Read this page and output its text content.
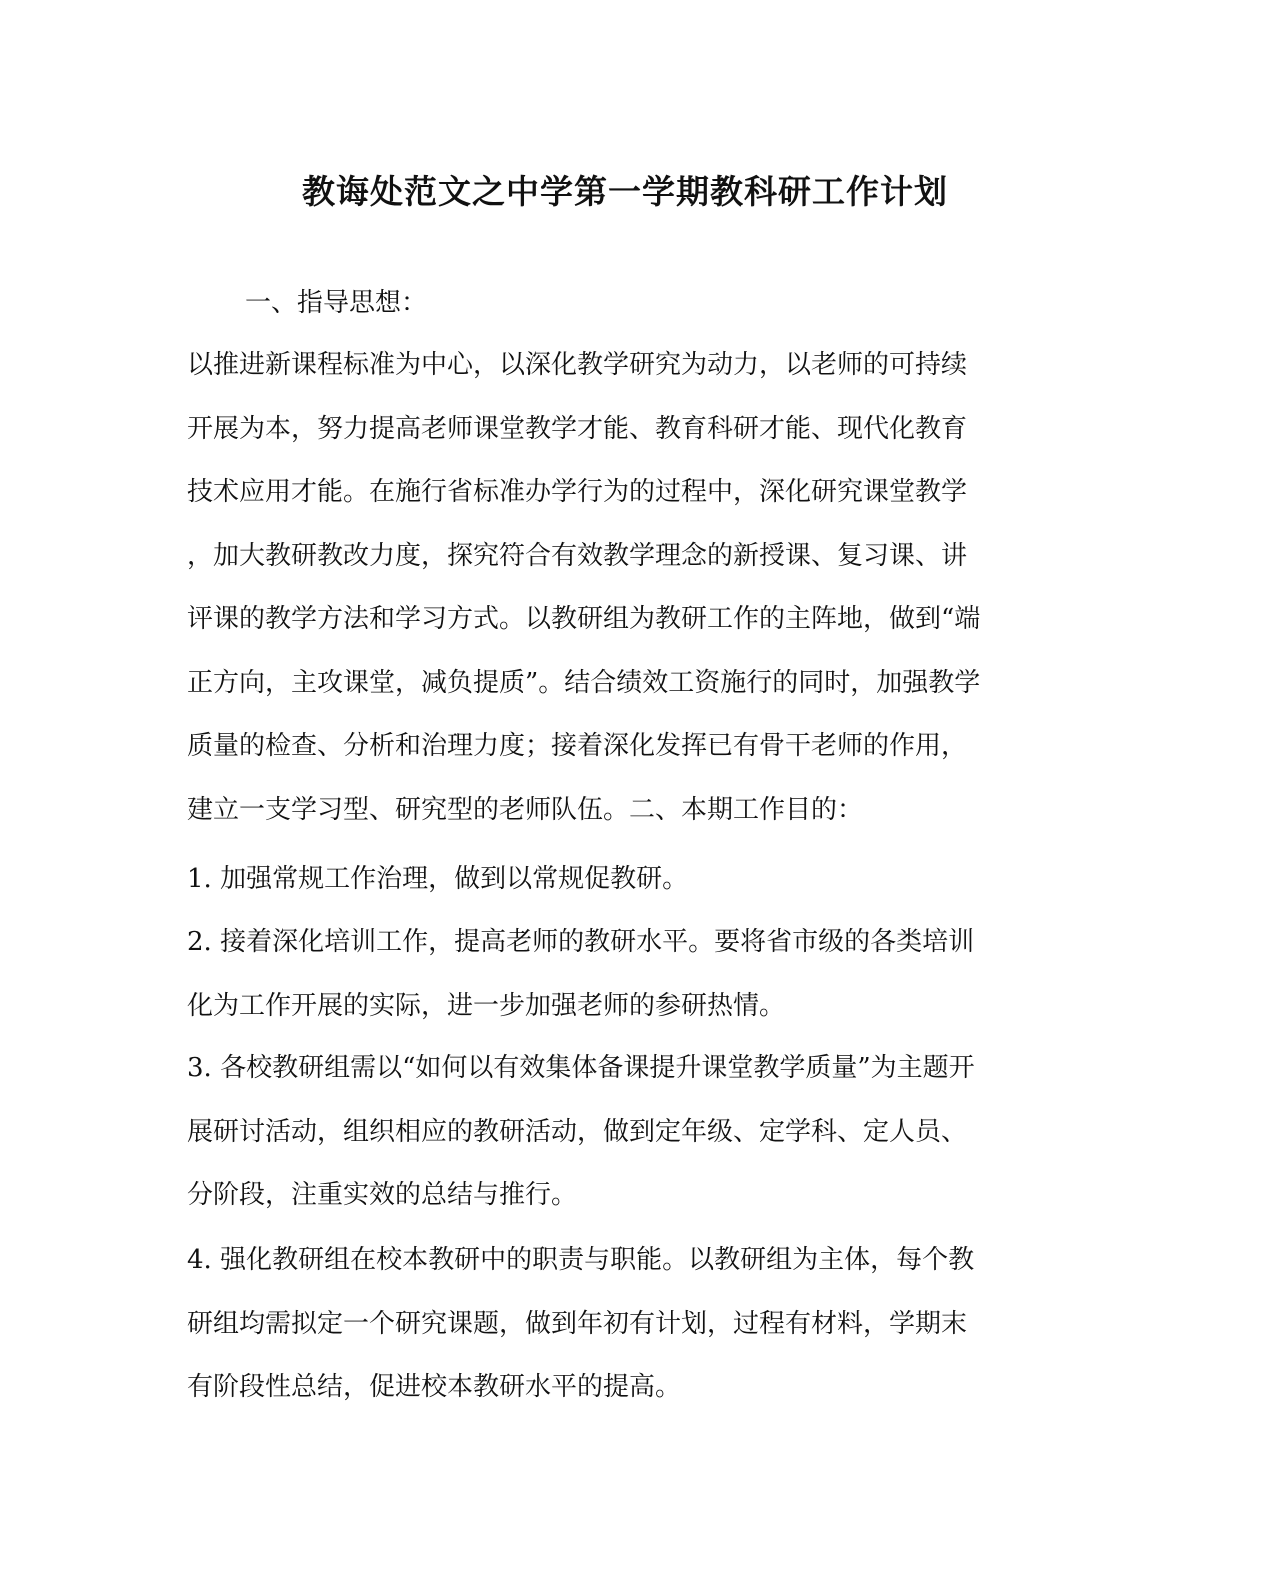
教诲处范文之中学第一学期教科研工作计划
一、指导思想：
以推进新课程标准为中心，以深化教学研究为动力，以老师的可持续
开展为本，努力提高老师课堂教学才能、教育科研才能、现代化教育
技术应用才能。在施行省标准办学行为的过程中，深化研究课堂教学
，加大教研教改力度，探究符合有效教学理念的新授课、复习课、讲
评课的教学方法和学习方式。以教研组为教研工作的主阵地，做到“端
正方向，主攻课堂，减负提质”。结合绩效工资施行的同时，加强教学
质量的检查、分析和治理力度；接着深化发挥已有骨干老师的作用，
建立一支学习型、研究型的老师队伍。二、本期工作目的：
1. 加强常规工作治理，做到以常规促教研。
2. 接着深化培训工作，提高老师的教研水平。要将省市级的各类培训
化为工作开展的实际，进一步加强老师的参研热情。
3. 各校教研组需以“如何以有效集体备课提升课堂教学质量”为主题开
展研讨活动，组织相应的教研活动，做到定年级、定学科、定人员、
分阶段，注重实效的总结与推行。
4. 强化教研组在校本教研中的职责与职能。以教研组为主体，每个教
研组均需拟定一个研究课题，做到年初有计划，过程有材料，学期末
有阶段性总结，促进校本教研水平的提高。
